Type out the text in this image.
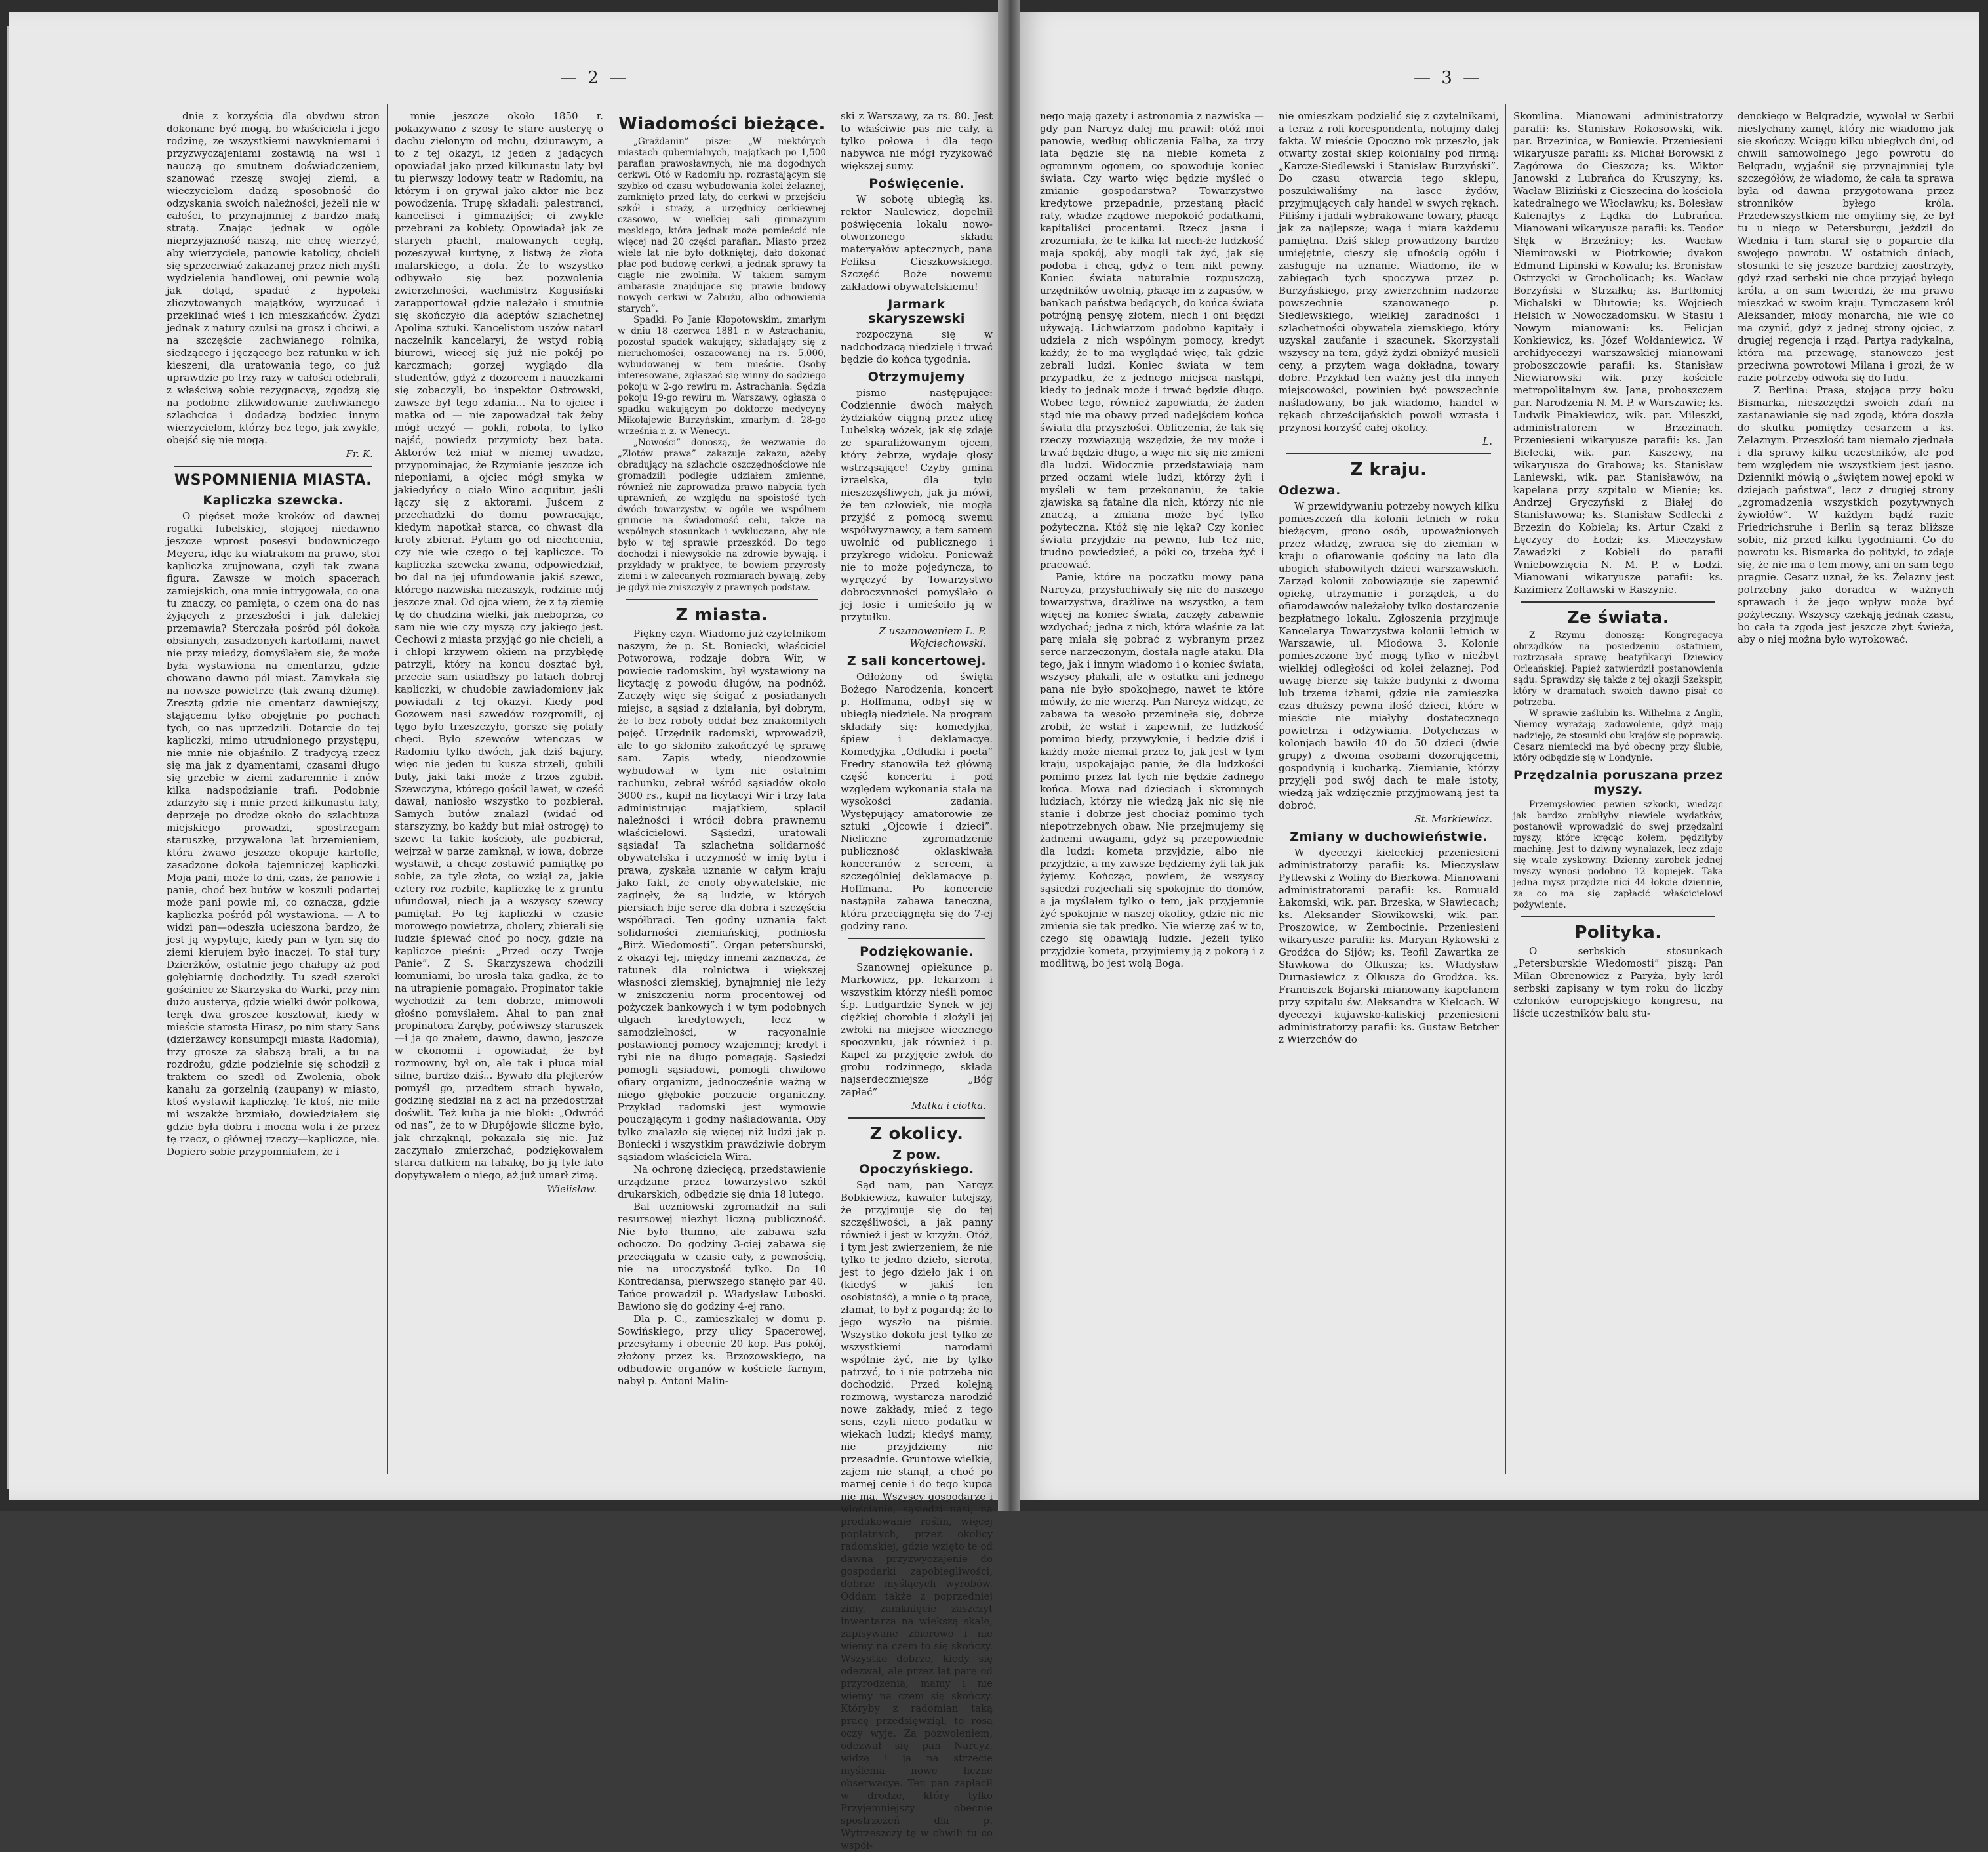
— 2 —

dnie z korzyścią dla obydwu stron dokonane być mogą, bo właściciela i jego rodzinę, ze wszystkiemi nawykniemami i przyzwyczajeniami zostawią na wsi i nauczą go smutnem doświadczeniem, szanować rzeszę swojej ziemi, a wieczycielom dadzą sposobność do odzyskania swoich należności, jeżeli nie w całości, to przynajmniej z bardzo małą stratą. Znając jednak w ogóle nieprzyjazność naszą, nie chcę wierzyć, aby wierzyciele, panowie katolicy, chcieli się sprzeciwiać zakazanej przez nich myśli wydzielenia handlowej, oni pewnie wolą jak dotąd, spadać z hypoteki zliczytowanych majątków, wyrzucać i przeklinać wieś i ich mieszkańców. Żydzi jednak z natury czulsi na grosz i chciwi, a na szczęście zachwianego rolnika, siedzącego i jęczącego bez ratunku w ich kieszeni, dla uratowania tego, co już uprawdzie po trzy razy w całości odebrali, z właściwą sobie rezygnacyą, zgodzą się na podobne zlikwidowanie zachwianego szlachcica i dodadzą bodziec innym wierzycielom, którzy bez tego, jak zwykle, obejść się nie mogą.

Fr. K.
WSPOMNIENIA MIASTA.
Kapliczka szewcka.

O pięćset może kroków od dawnej rogatki lubelskiej, stojącej niedawno jeszcze wprost posesyi budowniczego Meyera, idąc ku wiatrakom na prawo, stoi kapliczka zrujnowana, czyli tak zwana figura. Zawsze w moich spacerach zamiejskich, ona mnie intrygowała, co ona tu znaczy, co pamięta, o czem ona do nas żyjących z przeszłości i jak dalekiej przemawia? Sterczała pośród pól dokoła obsianych, zasadzonych kartoflami, nawet nie przy miedzy, domyślałem się, że może była wystawiona na cmentarzu, gdzie chowano dawno pól miast. Zamykała się na nowsze powietrze (tak zwaną dżumę). Zresztą gdzie nie cmentarz dawniejszy, stającemu tyłko obojętnie po pochach tych, co nas uprzedzili. Dotarcie do tej kapliczki, mimo utrudnionego przystępu, nie mnie nie objaśniło. Z tradycyą rzecz się ma jak z dyamentami, czasami długo się grzebie w ziemi zadaremnie i znów kilka nadspodzianie trafi. Podobnie zdarzyło się i mnie przed kilkunastu laty, deprzeje po drodze około do szlachtuza miejskiego prowadzi, spostrzegam staruszkę, przywalona lat brzemieniem, która żwawo jeszcze okopuje kartofle, zasadzone dokoła tajemniczej kapliczki. Moja pani, może to dni, czas, że panowie i panie, choć bez butów w koszuli podartej może pani powie mi, co oznacza, gdzie kapliczka pośród pól wystawiona. — A to widzi pan—odeszła ucieszona bardzo, że jest ją wypytuje, kiedy pan w tym się do ziemi kierujem było inaczej. To stał tury Dzierżków, ostatnie jego chałupy aż pod gołębiarnię dochodziły. Tu szedł szeroki gościniec ze Skarzyska do Warki, przy nim dużo austerya, gdzie wielki dwór połkowa, teręk dwa groszce kosztował, kiedy w mieście starosta Hirasz, po nim stary Sans (dzierżawcy konsumpcji miasta Radomia), trzy grosze za słabszą brali, a tu na rozdrożu, gdzie podziełnie się schodził z traktem co szedł od Zwolenia, obok kanału za gorzelnią (zaupany) w miasto, ktoś wystawił kapliczkę. Te ktoś, nie mile mi wszakże brzmiało, dowiedziałem się gdzie była dobra i mocna wola i że przez tę rzecz, o głównej rzeczy—kapliczce, nie. Dopiero sobie przypomniałem, że i

mnie jeszcze około 1850 r. pokazywano z szosy te stare austeryę o dachu zielonym od mchu, dziurawym, a to z tej okazyi, iż jeden z jadących opowiadał jako przed kilkunastu laty był tu pierwszy lodowy teatr w Radomiu, na którym i on grywał jako aktor nie bez powodzenia. Trupę składali: palestranci, kancelisci i gimnazijści; ci zwykle przebrani za kobiety. Opowiadał jak ze starych płacht, malowanych cegłą, pozeszywał kurtynę, z listwą że złota malarskiego, a dola. Że to wszystko odbywało się bez pozwolenia zwierzchności, wachmistrz Kogusiński zarapportował gdzie należało i smutnie się skończyło dla adeptów szlachetnej Apolina sztuki. Kancelistom uszów natarł naczelnik kancelaryi, że wstyd robią biurowi, wiecej się już nie pokój po karczmach; gorzej wyglądo dla studentów, gdyż z dozorcem i nauczkami się zobaczyli, bo inspektor Ostrowski, zawsze był tego zdania... Na to ojciec i matka od — nie zapowadzał tak żeby mógł uczyć — pokli, robota, to tylko najść, powiedz przymioty bez bata. Aktorów też miał w niemej uwadze, przypominając, że Rzymianie jeszcze ich nieponiami, a ojciec mógł smyka w jakiedyńcy o ciało Wino acquitur, jeśli łączy się z aktorami. Juścem z przechadzki do domu powracając, kiedym napotkał starca, co chwast dla kroty zbierał. Pytam go od niechcenia, czy nie wie czego o tej kapliczce. To kapliczka szewcka zwana, odpowiedział, bo dał na jej ufundowanie jakiś szewc, którego nazwiska niezaszyk, rodzinie mój jeszcze znał. Od ojca wiem, że z tą ziemię tę do chudzina wielki, jak nieboprza, co sam nie wie czy myszą czy jakiego jest. Cechowi z miasta przyjąć go nie chcieli, a i chłopi krzywem okiem na przybłędę patrzyli, który na koncu dosztać był, przecie sam usiadłszy po latach dobrej kapliczki, w chudobie zawiadomiony jak powiadali z tej okazyi. Kiedy pod Gozowem nasi szwedów rozgromili, oj tęgo było trzeszczyło, gorsze się polały chęci. Było szewców wtenczas w Radomiu tylko dwóch, jak dziś bajury, więc nie jeden tu kusza strzeli, gubili buty, jaki taki może z trzos zgubił. Szewczyna, którego gościł lawet, w cześć dawał, naniosło wszystko to pozbierał. Samych butów znalazł (widać od starszyzny, bo każdy but miał ostrogę) to szewc ta takie kościoły, ale pozbierał, wejrzał w parze zamknął, w iowa, dobrze wystawił, a chcąc zostawić pamiątkę po sobie, za tyle złota, co wziął za, jakie cztery roz rozbite, kapliczkę te z gruntu ufundował, niech ją a wszyscy szewcy pamiętał. Po tej kapliczki w czasie morowego powietrza, cholery, zbierali się ludzie śpiewać choć po nocy, gdzie na kapliczce pieśni: „Przed oczy Twoje Panie”. Z S. Skarzyszewa chodzili komuniami, bo urosła taka gadka, że to na utrapienie pomagało. Propinator takie wychodził za tem dobrze, mimowoli głośno pomyślałem. Ahal to pan znał propinatora Zaręby, poćwiwszy staruszek—i ja go znałem, dawno, dawno, jeszcze w ekonomii i opowiadał, że był rozmowny, był on, ale tak i płuca miał silne, bardzo dziś... Bywało dla plejterów pomyśl go, przedtem strach bywało, godzinę siedział na z aci na przedostrzał dośwlit. Też kuba ja nie bloki: „Odwróć od nas”, że to w Dłupójowie śliczne było, jak chrząknął, pokazała się nie. Już zaczynało zmierzchać, podziękowałem starca datkiem na tabakę, bo ją tyle lato dopytywałem o niego, aż już umarł zimą.

Wielisław.
Wiadomości bieżące.

„Grażdanin” pisze: „W niektórych miastach gubernialnych, majątkach po 1,500 parafian prawosławnych, nie ma dogodnych cerkwi. Otó w Radomiu np. rozrastającym się szybko od czasu wybudowania kolei żelaznej, zamknięto przed laty, do cerkwi w przejściu szkół i straży, a urzędnicy cerkiewnej czasowo, w wielkiej sali gimnazyum męskiego, która jednak może pomieścić nie więcej nad 20 części parafian. Miasto przez wiele lat nie było dotkniętej, dało dokonać płac pod budowę cerkwi, a jednak sprawy ta ciągle nie zwolniła. W takiem samym ambarasie znajdujące się prawie budowy nowych cerkwi w Zabużu, albo odnowienia starych”.

Spadki. Po Janie Kłopotowskim, zmarłym w dniu 18 czerwca 1881 r. w Astrachaniu, pozostał spadek wakujący, składający się z nieruchomości, oszacowanej na rs. 5,000, wybudowanej w tem mieście. Osoby interesowane, zgłaszać się winny do sądziego pokoju w 2-go rewiru m. Astrachania. Sędzia pokoju 19-go rewiru m. Warszawy, ogłasza o spadku wakującym po doktorze medycyny Mikołajewie Burzyńskim, zmarłym d. 28-go września r. z. w Wenecyi.

„Nowości” donoszą, że wezwanie do „Zlotów prawa” zakazuje zakazu, ażeby obradujący na szlachcie oszczędnościowe nie gromadzili podległe udziałem zmienne, również nie zaprowadza prawo nabycia tych uprawnień, ze względu na spoistość tych dwóch towarzystw, w ogóle we wspólnem gruncie na świadomość celu, także na wspólnych stosunkach i wykluczano, aby nie było w tej sprawie przeszkód. Do tego dochodzi i niewysokie na zdrowie bywają, i przykłady w praktyce, te bowiem przyrosty ziemi i w zalecanych rozmiarach bywają, żeby je gdyż nie zniszczyły z prawnych podstaw.

Z miasta.

Piękny czyn. Wiadomo już czytelnikom naszym, że p. St. Boniecki, właściciel Potworowa, rodzaje dobra Wir, w powiecie radomskim, był wystawiony na licytację z powodu długów, na podnóż. Zaczęły więc się ścigać z posiadanych miejsc, a sąsiad z działania, był dobrym, że to bez roboty oddał bez znakomitych pojęć. Urzędnik radomski, wprowadził, ale to go skłoniło zakończyć tę sprawę sam. Zapis wtedy, nieodzownie wybudował w tym nie ostatnim rachunku, zebrał wśród sąsiadów około 3000 rs., kupił na licytacyi Wir i trzy lata administrując majątkiem, spłacił należności i wrócił dobra prawnemu właścicielowi. Sąsiedzi, uratowali sąsiada! Ta szlachetna solidarność obywatelska i uczynność w imię bytu i prawa, zyskała uznanie w całym kraju jako fakt, że cnoty obywatelskie, nie zaginęły, że są ludzie, w których piersiach bije serce dla dobra i szczęścia współbraci. Ten godny uznania fakt solidarności ziemiańskiej, podniosła „Birż. Wiedomosti”. Organ petersburski, z okazyi tej, między innemi zaznacza, że ratunek dla rolnictwa i większej własności ziemskiej, bynajmniej nie leży w zniszczeniu norm procentowej od pożyczek bankowych i w tym podobnych ulgach kredytowych, lecz w samodzielności, w racyonalnie postawionej pomocy wzajemnej; kredyt i rybi nie na długo pomagają. Sąsiedzi pomogli sąsiadowi, pomogli chwilowo ofiary organizm, jednocześnie ważną w niego głębokie poczucie organiczny. Przykład radomski jest wymowie poucząjącym i godny naśladowania. Oby tylko znalazło się więcej niż ludzi jak p. Boniecki i wszystkim prawdziwie dobrym sąsiadom właściciela Wira.

Na ochronę dziecięcą, przedstawienie urządzane przez towarzystwo szkól drukarskich, odbędzie się dnia 18 lutego.

Bal uczniowski zgromadził na sali resursowej niezbyt liczną publiczność. Nie było tłumno, ale zabawa szła ochoczo. Do godziny 3-ciej zabawa się przeciągała w czasie cały, z pewnością, nie na uroczystość tylko. Do 10 Kontredansa, pierwszego stanęło par 40. Tańce prowadził p. Władysław Luboski. Bawiono się do godziny 4-ej rano.

Dla p. C., zamieszkałej w domu p. Sowińskiego, przy ulicy Spacerowej, przesyłamy i obecnie 20 kop. Pas pokój, złożony przez ks. Brzozowskiego, na odbudowie organów w kościele farnym, nabył p. Antoni Malin-

ski z Warszawy, za rs. 80. Jest to właściwie pas nie cały, a tylko połowa i dla tego nabywca nie mógł ryzykować większej sumy.

Poświęcenie.

W sobotę ubiegłą ks. rektor Naulewicz, dopełnił poświęcenia lokalu nowo-otworzonego składu materyałów aptecznych, pana Feliksa Cieszkowskiego. Szczęść Boże nowemu zakładowi obywatelskiemu!

Jarmark skaryszewski

rozpoczyna się w nadchodzącą niedzielę i trwać będzie do końca tygodnia.

Otrzymujemy

pismo następujące: Codziennie dwóch małych żydziaków ciągną przez ulicę Lubelską wózek, jak się zdaje ze sparaliżowanym ojcem, który żebrze, wydaje głosy wstrząsające! Czyby gmina izraelska, dla tylu nieszczęśliwych, jak ja mówi, że ten człowiek, nie mogła przyjść z pomocą swemu współwyznawcy, a tem samem uwolnić od publicznego i przykrego widoku. Ponieważ nie to może pojedyncza, to wyręczyć by Towarzystwo dobroczynności pomyślało o jej losie i umieściło ją w przytułku.

Z uszanowaniem L. P. Wojciechowski.
Z sali koncertowej.

Odłożony od święta Bożego Narodzenia, koncert p. Hoffmana, odbył się w ubiegłą niedzielę. Na program składały się: komedyjka, śpiew i deklamacye. Komedyjka „Odludki i poeta” Fredry stanowiła też główną część koncertu i pod względem wykonania stała na wysokości zadania. Występujący amatorowie ze sztuki „Ojcowie i dzieci”. Nieliczne zgromadzenie publiczność oklaskiwała konceranów z sercem, a szczególniej deklamacye p. Hoffmana. Po koncercie nastąpiła zabawa taneczna, która przeciągnęła się do 7-ej godziny rano.

Podziękowanie.

Szanownej opiekunce p. Markowicz, pp. lekarzom i wszystkim którzy nieśli pomoc ś.p. Ludgardzie Synek w jej ciężkiej chorobie i złożyli jej zwłoki na miejsce wiecznego spoczynku, jak również i p. Kapel za przyjęcie zwłok do grobu rodzinnego, składa najserdeczniejsze „Bóg zapłać”

Matka i ciotka.
Z okolicy.
Z pow. Opoczyńskiego.

Sąd nam, pan Narcyz Bobkiewicz, kawaler tutejszy, że przyjmuje się do tej szczęśliwości, a jak panny również i jest w krzyżu. Otóż, i tym jest zwierzeniem, że nie tylko te jedno dzieło, sierota, jest to jego dzieło jak i on (kiedyś w jakiś ten osobistość), a mnie o tą pracę, złamał, to był z pogardą; że to jego wyszło na piśmie. Wszystko dokoła jest tylko ze wszystkiemi narodami wspólnie żyć, nie by tylko patrzyć, to i nie potrzeba nic dochodzić. Przed kolejną rozmową, wystarcza narodzić nowe zakłady, mieć z tego sens, czyli nieco podatku w wiekach ludzi; kiedyś mamy, nie przyjdziemy nic przesadnie. Gruntowe wielkie, zajem nie stanął, a choć po marnej cenie i do tego kupca nie ma. Wszyscy gospodarze i włościanie, sąsiedzi nasi, na produkowanie roślin, więcej popłatnych, przez okolicy radomskiej, gdzie wzięto te od dawna przyzwyczajenie do gospodarki zapobiegliwości, dobrze myślących wyrobów. Oddam także z poprzedniej zimy, zamknięcie zaszczyt inwentarza na większą skalę, zapisywane zbiorowo i nie wiemy na czem to się skończy. Wszystko dobrze, kiedy się odezwał, ale przez lat parę od przyrodzenia, mamy i nie wiemy na czem się skończy. Któryby z radomian taką pracę przedsięwziął, to rosa oczy wyje. Za pozwoleniem, odezwał się pan Narcyz, widzę i ja na strzecie myślenia nowe liczne obserwacye. Ten pan zapłacił w drodze, który tylko Przyjemniejszy obecnie spostrzeżeń dla p. Wytrzeszczy tę w chwili tu co współ-

— 3 —

nego mają gazety i astronomia z nazwiska — gdy pan Narcyz dalej mu prawił: otóż moi panowie, według obliczenia Falba, za trzy lata będzie się na niebie kometa z ogromnym ogonem, co spowoduje koniec świata. Czy warto więc będzie myśleć o zmianie gospodarstwa? Towarzystwo kredytowe przepadnie, przestaną płacić raty, władze rządowe niepokoić podatkami, kapitaliści procentami. Rzecz jasna i zrozumiała, że te kilka lat niech-że ludzkość mają spokój, aby mogli tak żyć, jak się podoba i chcą, gdyż o tem nikt pewny. Koniec świata naturalnie rozpuszczą, urzędników uwolnią, płacąc im z zapasów, w bankach państwa będących, do końca świata potrójną pensyę złotem, niech i oni błędzi używają. Lichwiarzom podobno kapitały i udziela z nich wspólnym pomocy, kredyt każdy, że to ma wyglądać więc, tak gdzie zebrali ludzi. Koniec świata w tem przypadku, że z jednego miejsca nastąpi, kiedy to jednak może i trwać będzie długo. Wobec tego, również zapowiada, że żaden stąd nie ma obawy przed nadejściem końca świata dla przyszłości. Obliczenia, że tak się rzeczy rozwiązują wszędzie, że my może i trwać będzie długo, a więc nic się nie zmieni dla ludzi. Widocznie przedstawiają nam przed oczami wiele ludzi, którzy żyli i myśleli w tem przekonaniu, że takie zjawiska są fatalne dla nich, którzy nic nie znaczą, a zmiana może być tylko pożyteczna. Któż się nie lęka? Czy koniec świata przyjdzie na pewno, lub też nie, trudno powiedzieć, a póki co, trzeba żyć i pracować.

Panie, które na początku mowy pana Narcyza, przysłuchiwały się nie do naszego towarzystwa, drażliwe na wszystko, a tem więcej na koniec świata, zaczęły zabawnie wzdychać; jedna z nich, która właśnie za lat parę miała się pobrać z wybranym przez serce narzeczonym, dostała nagle ataku. Dla tego, jak i innym wiadomo i o koniec świata, wszyscy płakali, ale w ostatku ani jednego pana nie było spokojnego, nawet te które mówiły, że nie wierzą. Pan Narcyz widząc, że zabawa ta wesoło przeminęła się, dobrze zrobił, że wstał i zapewnił, że ludzkość pomimo biedy, przywyknie, i będzie dziś i każdy może niemal przez to, jak jest w tym kraju, uspokajając panie, że dla ludzkości pomimo przez lat tych nie będzie żadnego końca. Mowa nad dzieciach i skromnych ludziach, którzy nie wiedzą jak nic się nie stanie i dobrze jest chociaż pomimo tych niepotrzebnych obaw. Nie przejmujemy się żadnemi uwagami, gdyż są przepowiednie dla ludzi: kometa przyjdzie, albo nie przyjdzie, a my zawsze będziemy żyli tak jak żyjemy. Kończąc, powiem, że wszyscy sąsiedzi rozjechali się spokojnie do domów, a ja myślałem tylko o tem, jak przyjemnie żyć spokojnie w naszej okolicy, gdzie nic nie zmienia się tak prędko. Nie wierzę zaś w to, czego się obawiają ludzie. Jeżeli tylko przyjdzie kometa, przyjmiemy ją z pokorą i z modlitwą, bo jest wolą Boga.

nie omieszkam podzielić się z czytelnikami, a teraz z roli korespondenta, notujmy dalej fakta. W mieście Opoczno rok przeszło, jak otwarty został sklep kolonialny pod firmą: „Karcze-Siedlewski i Stanisław Burzyński”. Do czasu otwarcia tego sklepu, poszukiwaliśmy na łasce żydów, przyjmujących caly handel w swych rękach. Piliśmy i jadali wybrakowane towary, płacąc jak za najlepsze; waga i miara każdemu pamiętna. Dziś sklep prowadzony bardzo umiejętnie, cieszy się ufnością ogółu i zasługuje na uznanie. Wiadomo, ile w zabiegach tych spoczywa przez p. Burzyńskiego, przy zwierzchnim nadzorze powszechnie szanowanego p. Siedlewskiego, wielkiej zaradności i szlachetności obywatela ziemskiego, który uzyskał zaufanie i szacunek. Skorzystali wszyscy na tem, gdyż żydzi obniżyć musieli ceny, a przytem waga dokładna, towary dobre. Przykład ten ważny jest dla innych miejscowości, powinien być powszechnie naśladowany, bo jak wiadomo, handel w rękach chrześcijańskich powoli wzrasta i przynosi korzyść całej okolicy.

L.
Z kraju.
Odezwa.

W przewidywaniu potrzeby nowych kilku pomieszczeń dla kolonii letnich w roku bieżącym, grono osób, upoważnionych przez władzę, zwraca się do ziemian w kraju o ofiarowanie gościny na lato dla ubogich słabowitych dzieci warszawskich. Zarząd kolonii zobowiązuje się zapewnić opiekę, utrzymanie i porządek, a do ofiarodawców należałoby tylko dostarczenie bezpłatnego lokalu. Zgłoszenia przyjmuje Kancelarya Towarzystwa kolonii letnich w Warszawie, ul. Miodowa 3. Kolonie pomieszczone być mogą tylko w nieźbyt wielkiej odległości od kolei żelaznej. Pod uwagę bierze się także budynki z dwoma lub trzema izbami, gdzie nie zamieszka czas dłuższy pewna ilość dzieci, które w mieście nie miałyby dostatecznego powietrza i odżywiania. Dotychczas w kolonjach bawiło 40 do 50 dzieci (dwie grupy) z dwoma osobami dozorującemi, gospodynią i kucharką. Ziemianie, którzy przyjęli pod swój dach te małe istoty, wiedzą jak wdzięcznie przyjmowaną jest ta dobroć.

St. Markiewicz.
Zmiany w duchowieństwie.

W dyecezyi kieleckiej przeniesieni administratorzy parafii: ks. Mieczysław Pytlewski z Woliny do Bierkowa. Mianowani administratorami parafii: ks. Romuald Łakomski, wik. par. Brzeska, w Sławiecach; ks. Aleksander Słowikowski, wik. par. Proszowice, w Żembocinie. Przeniesieni wikaryusze parafii: ks. Maryan Rykowski z Grodźca do Sijów; ks. Teofil Zawartka ze Sławkowa do Olkusza; ks. Władysław Durnasiewicz z Olkusza do Grodźca. ks. Franciszek Bojarski mianowany kapelanem przy szpitalu św. Aleksandra w Kielcach. W dyecezyi kujawsko-kaliskiej przeniesieni administratorzy parafii: ks. Gustaw Betcher z Wierzchów do

Skomlina. Mianowani administratorzy parafii: ks. Stanisław Rokosowski, wik. par. Brzezinica, w Boniewie. Przeniesieni wikaryusze parafii: ks. Michał Borowski z Zagórowa do Cieszcza; ks. Wiktor Janowski z Lubrańca do Kruszyny; ks. Wacław Bliziński z Cieszecina do kościoła katedralnego we Włocławku; ks. Bolesław Kalenajtys z Lądka do Lubrańca. Mianowani wikaryusze parafii: ks. Teodor Słęk w Brzeźnicy; ks. Wacław Niemirowski w Piotrkowie; dyakon Edmund Lipinski w Kowalu; ks. Bronisław Ostrzycki w Grocholicach; ks. Wacław Borzyński w Strzałku; ks. Bartłomiej Michalski w Dłutowie; ks. Wojciech Helsich w Nowoczadomsku. W Stasiu i Nowym mianowani: ks. Felicjan Konkiewicz, ks. Józef Wołdaniewicz. W archidyecezyi warszawskiej mianowani proboszczowie parafii: ks. Stanisław Niewiarowski wik. przy kościele metropolitalnym św. Jana, proboszczem par. Narodzenia N. M. P. w Warszawie; ks. Ludwik Pinakiewicz, wik. par. Mileszki, administratorem w Brzezinach. Przeniesieni wikaryusze parafii: ks. Jan Bielecki, wik. par. Kaszewy, na wikaryusza do Grabowa; ks. Stanisław Laniewski, wik. par. Stanisławów, na kapelana przy szpitalu w Mienie; ks. Andrzej Gryczyński z Białej do Stanisławowa; ks. Stanisław Sedlecki z Brzezin do Kobiela; ks. Artur Czaki z Łęczycy do Łodzi; ks. Mieczysław Zawadzki z Kobieli do parafii Wniebowzięcia N. M. P. w Łodzi. Mianowani wikaryusze parafii: ks. Kazimierz Zołtawski w Raszynie.

Ze świata.

Z Rzymu donoszą: Kongregacya obrządków na posiedzeniu ostatniem, roztrząsała sprawę beatyfikacyi Dziewicy Orleańskiej. Papież zatwierdził postanowienia sądu. Sprawdzy się także z tej okazji Szekspir, który w dramatach swoich dawno pisał co potrzeba.

W sprawie zaślubin ks. Wilhelma z Anglii, Niemcy wyrażają zadowolenie, gdyż mają nadzieję, że stosunki obu krajów się poprawią. Cesarz niemiecki ma być obecny przy ślubie, który odbędzie się w Londynie.

Przędzalnia poruszana przez myszy.

Przemysłowiec pewien szkocki, wiedząc jak bardzo zrobiłyby niewiele wydatków, postanowił wprowadzić do swej przędzalni myszy, które kręcąc kołem, pędziłyby machinę. Jest to dziwny wynalazek, lecz zdaje się wcale zyskowny. Dzienny zarobek jednej myszy wynosi podobno 12 kopiejek. Taka jedna mysz przędzie nici 44 łokcie dziennie, za co ma się zapłacić właścicielowi pożywienie.

Polityka.

O serbskich stosunkach „Petersburskie Wiedomosti” piszą: Pan Milan Obrenowicz z Paryża, były król serbski zapisany w tym roku do liczby członków europejskiego kongresu, na liście uczestników balu stu-

denckiego w Belgradzie, wywołał w Serbii nieslychany zamęt, który nie wiadomo jak się skończy. Wciągu kilku ubiegłych dni, od chwili samowolnego jego powrotu do Belgradu, wyjaśnił się przynajmniej tyle szczegółów, że wiadomo, że cała ta sprawa była od dawna przygotowana przez stronników byłego króla. Przedewszystkiem nie omylimy się, że był tu u niego w Petersburgu, jeździł do Wiednia i tam starał się o poparcie dla swojego powrotu. W ostatnich dniach, stosunki te się jeszcze bardziej zaostrzyły, gdyż rząd serbski nie chce przyjąć byłego króla, a on sam twierdzi, że ma prawo mieszkać w swoim kraju. Tymczasem król Aleksander, młody monarcha, nie wie co ma czynić, gdyż z jednej strony ojciec, z drugiej regencja i rząd. Partya radykalna, która ma przewagę, stanowczo jest przeciwna powrotowi Milana i grozi, że w razie potrzeby odwoła się do ludu.

Z Berlina: Prasa, stojąca przy boku Bismarka, nieszczędzi swoich zdań na zastanawianie się nad zgodą, która doszła do skutku pomiędzy cesarzem a ks. Żelaznym. Przeszłość tam niemało zjednała i dla sprawy kilku uczestników, ale pod tem względem nie wszystkiem jest jasno. Dzienniki mówią o „świętem nowej epoki w dziejach państwa”, lecz z drugiej strony „zgromadzenia wszystkich pozytywnych żywiołów”. W każdym bądź razie Friedrichsruhe i Berlin są teraz bliższe sobie, niż przed kilku tygodniami. Co do powrotu ks. Bismarka do polityki, to zdaje się, że nie ma o tem mowy, ani on sam tego pragnie. Cesarz uznał, że ks. Żelazny jest potrzebny jako doradca w ważnych sprawach i że jego wpływ może być pożyteczny. Wszyscy czekają jednak czasu, bo cała ta zgoda jest jeszcze zbyt świeża, aby o niej można było wyrokować.
